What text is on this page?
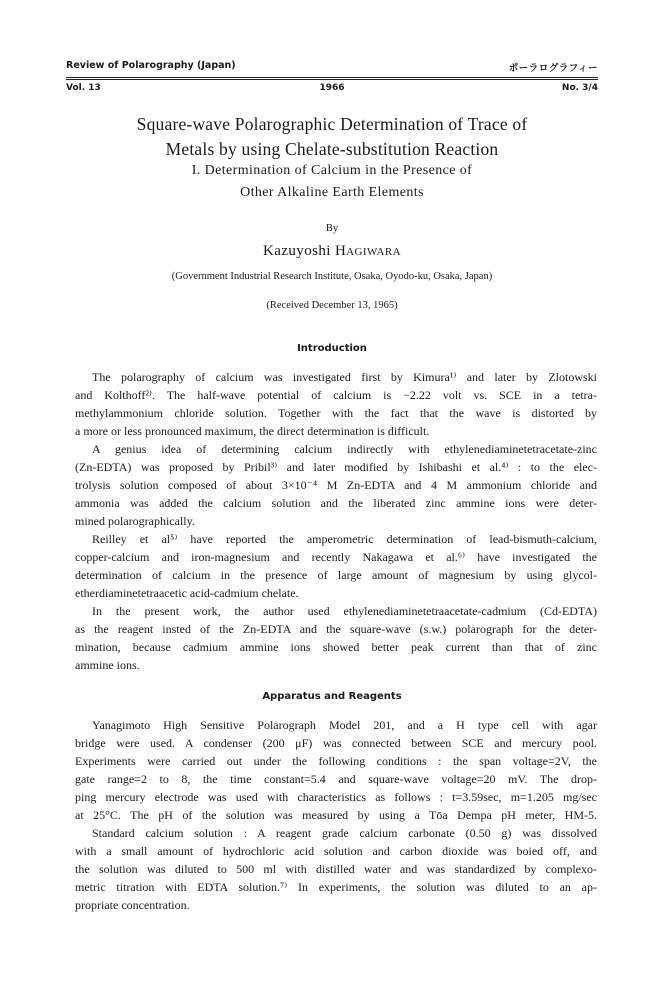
Review of Polarography (Japan)	ポーラログラフィー
Vol. 13	1966	No. 3/4
Square-wave Polarographic Determination of Trace of
Metals by using Chelate-substitution Reaction
I. Determination of Calcium in the Presence of
Other Alkaline Earth Elements
By
Kazuyoshi Hagiwara
(Government Industrial Research Institute, Osaka, Oyodo-ku, Osaka, Japan)
(Received December 13, 1965)
Introduction
The polarography of calcium was investigated first by Kimura¹⁾ and later by Zlotowski
and Kolthoff²⁾. The half-wave potential of calcium is −2.22 volt vs. SCE in a tetra-
methylammonium chloride solution. Together with the fact that the wave is distorted by
a more or less pronounced maximum, the direct determination is difficult.
A genius idea of determining calcium indirectly with ethylenediaminetetracetate-zinc
(Zn-EDTA) was proposed by Pribil³⁾ and later modified by Ishibashi et al.⁴⁾ : to the elec-
trolysis solution composed of about 3×10⁻⁴ M Zn-EDTA and 4 M ammonium chloride and
ammonia was added the calcium solution and the liberated zinc ammine ions were deter-
mined polarographically.
Reilley et al⁵⁾ have reported the amperometric determination of lead-bismuth-calcium,
copper-calcium and iron-magnesium and recently Nakagawa et al.⁶⁾ have investigated the
determination of calcium in the presence of large amount of magnesium by using glycol-
etherdiaminetetraacetic acid-cadmium chelate.
In the present work, the author used ethylenediaminetetraacetate-cadmium (Cd-EDTA)
as the reagent insted of the Zn-EDTA and the square-wave (s.w.) polarograph for the deter-
mination, because cadmium ammine ions showed better peak current than that of zinc
ammine ions.
Apparatus and Reagents
Yanagimoto High Sensitive Polarograph Model 201, and a H type cell with agar
bridge were used. A condenser (200 μF) was connected between SCE and mercury pool.
Experiments were carried out under the following conditions : the span voltage=2V, the
gate range=2 to 8, the time constant=5.4 and square-wave voltage=20 mV. The drop-
ping mercury electrode was used with characteristics as follows : t=3.59sec, m=1.205 mg/sec
at 25°C. The pH of the solution was measured by using a Tōa Dempa pH meter, HM-5.
Standard calcium solution : A reagent grade calcium carbonate (0.50 g) was dissolved
with a small amount of hydrochloric acid solution and carbon dioxide was boied off, and
the solution was diluted to 500 ml with distilled water and was standardized by complexo-
metric titration with EDTA solution.⁷⁾ In experiments, the solution was diluted to an ap-
propriate concentration.
